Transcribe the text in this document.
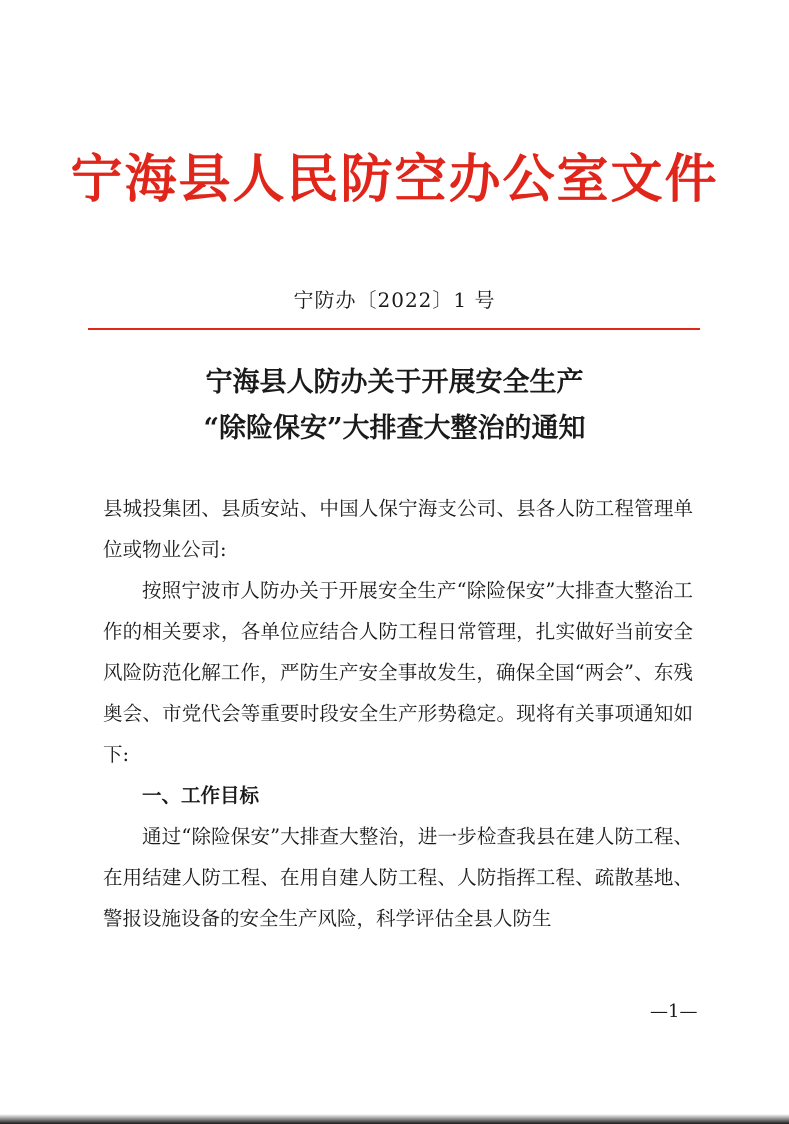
宁海县人民防空办公室文件
宁防办〔2022〕1 号
宁海县人防办关于开展安全生产
“除险保安”大排查大整治的通知

县城投集团、县质安站、中国人保宁海支公司、县各人防工程管理单位或物业公司:

按照宁波市人防办关于开展安全生产“除险保安”大排查大整治工作的相关要求，各单位应结合人防工程日常管理，扎实做好当前安全风险防范化解工作，严防生产安全事故发生，确保全国“两会”、东残奥会、市党代会等重要时段安全生产形势稳定。现将有关事项通知如下:

一、工作目标

通过“除险保安”大排查大整治，进一步检查我县在建人防工程、在用结建人防工程、在用自建人防工程、人防指挥工程、疏散基地、警报设施设备的安全生产风险，科学评估全县人防生

—1—
